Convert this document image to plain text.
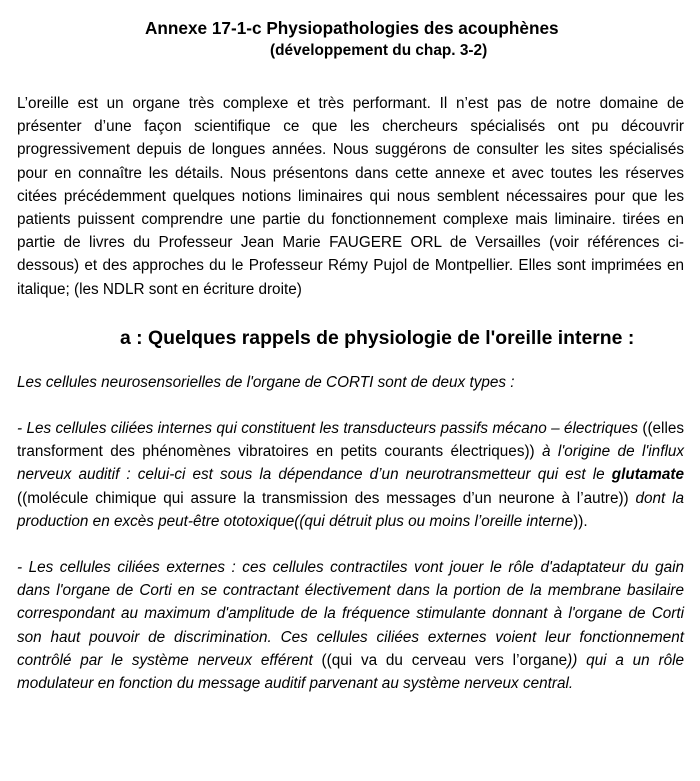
Annexe 17-1-c Physiopathologies des acouphènes
(développement du chap. 3-2)

L’oreille est un organe très complexe et très performant. Il n’est pas de notre domaine de présenter d’une façon scientifique ce que les chercheurs spécialisés ont pu découvrir progressivement depuis de longues années. Nous suggérons de consulter les sites spécialisés pour en connaître les détails. Nous présentons dans cette annexe et avec toutes les réserves citées précédemment quelques notions liminaires qui nous semblent nécessaires pour que les patients puissent comprendre une partie du fonctionnement complexe mais liminaire. tirées en partie de livres du Professeur Jean Marie FAUGERE ORL de Versailles (voir références ci-dessous) et des approches du le Professeur Rémy Pujol de Montpellier. Elles sont imprimées en italique; (les NDLR sont en écriture droite)

a : Quelques rappels de physiologie de l'oreille interne :

Les cellules neurosensorielles de l'organe de CORTI sont de deux types :

- Les cellules ciliées internes qui constituent les transducteurs passifs mécano – électriques ((elles transforment des phénomènes vibratoires en petits courants électriques)) à l'origine de l'influx nerveux auditif : celui-ci est sous la dépendance d’un neurotransmetteur qui est le glutamate ((molécule chimique qui assure la transmission des messages d’un neurone à l’autre)) dont la production en excès peut-être ototoxique((qui détruit plus ou moins l’oreille interne)).

- Les cellules ciliées externes : ces cellules contractiles vont jouer le rôle d'adaptateur du gain dans l'organe de Corti en se contractant électivement dans la portion de la membrane basilaire correspondant au maximum d'amplitude de la fréquence stimulante donnant à l'organe de Corti son haut pouvoir de discrimination. Ces cellules ciliées externes voient leur fonctionnement contrôlé par le système nerveux efférent ((qui va du cerveau vers l’organe)) qui a un rôle modulateur en fonction du message auditif parvenant au système nerveux central.
